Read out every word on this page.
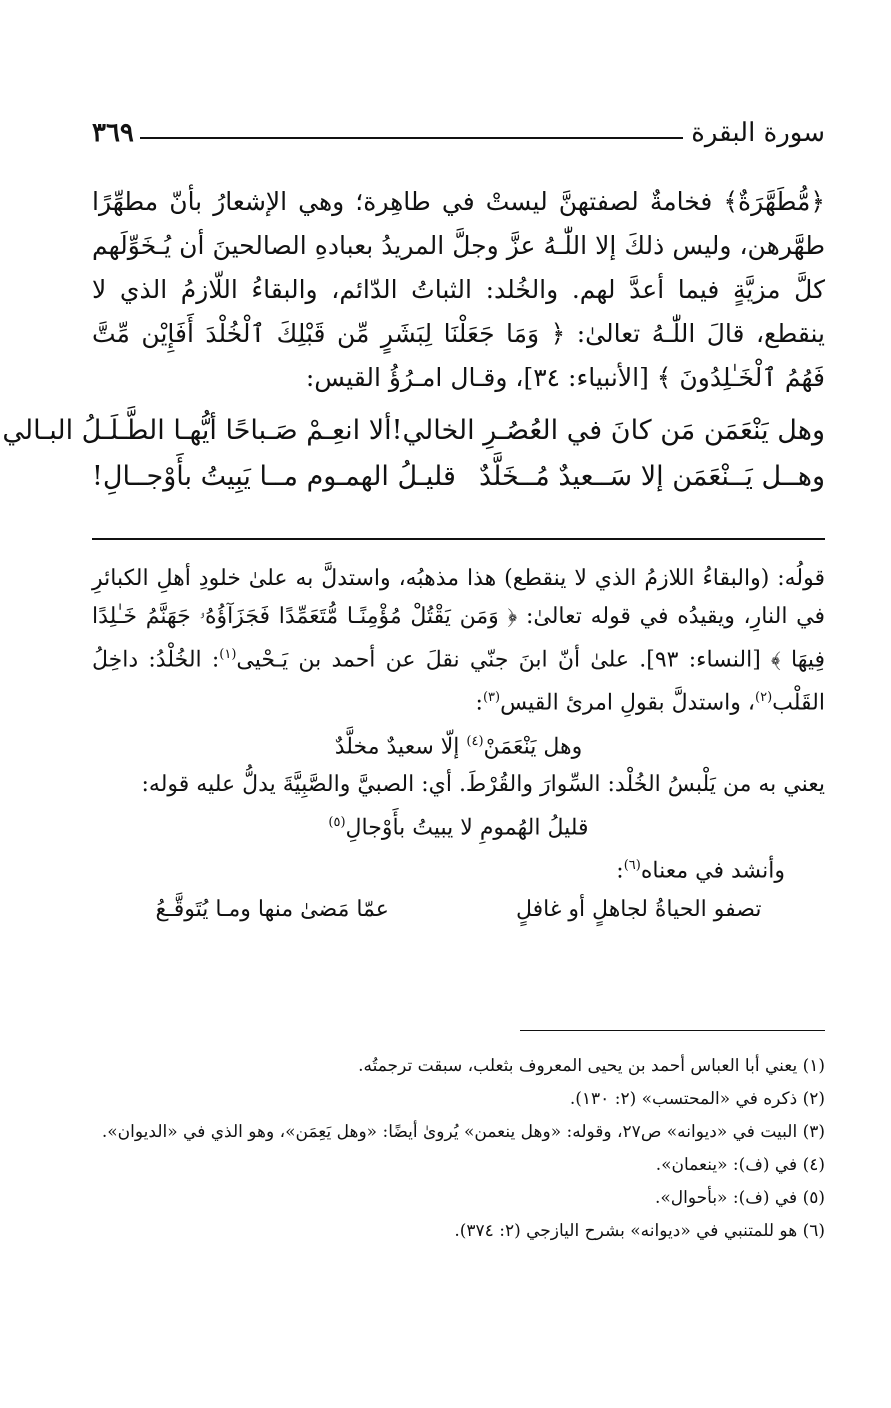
سورة البقرة
٣٦٩

﴿مُّطَهَّرَةٌ﴾ فخامةٌ لصفتهنَّ ليستْ في طاهِرة؛ وهي الإشعارُ بأنّ مطهِّرًا طهَّرهن، وليس ذلكَ إلا اللّٰـهُ عزَّ وجلَّ المريدُ بعبادهِ الصالحينَ أن يُـخَوِّلَهم كلَّ مزيَّةٍ فيما أعدَّ لهم. والخُلد: الثباتُ الدّائم، والبقاءُ اللّازمُ الذي لا ينقطع، قالَ اللّٰـهُ تعالىٰ: ﴿ وَمَا جَعَلْنَا لِبَشَرٍ مِّن قَبْلِكَ ٱلْخُلْدَ أَفَإِيْن مِّتَّ فَهُمُ ٱلْخَـٰلِدُونَ ﴾ [الأنبياء: ٣٤]، وقـال امـرُؤُ القيس:

وهل يَنْعَمَن مَن كانَ في العُصُـرِ الخالي!
ألا انعِـمْ صَـباحًا أيُّهـا الطَّـلَـلُ البـالي
وهــل يَــنْعَمَن إلا سَــعيدٌ مُــخَلَّدٌ
قليـلُ الهمـوم مــا يَبِيتُ بأَوْجــالِ!

قولُه: (والبقاءُ اللازمُ الذي لا ينقطع) هذا مذهبُه، واستدلَّ به علىٰ خلودِ أهلِ الكبائرِ في النارِ، ويقيدُه في قوله تعالىٰ: ﴿ وَمَن يَقْتُلْ مُؤْمِنًـا مُّتَعَمِّدًا فَجَزَآؤُهُۥ جَهَنَّمُ خَـٰلِدًا فِيهَا ﴾ [النساء: ٩٣]. علىٰ أنّ ابنَ جنّي نقلَ عن أحمد بن يَـحْيى$^{(١)}$: الخُلْدُ: داخِلُ القَلْب$^{(٢)}$، واستدلَّ بقولِ امرئ القيس$^{(٣)}$:

وهل يَنْعَمَنْ$^{(٤)}$ إلّا سعيدٌ مخلَّدٌ

يعني به من يَلْبسُ الخُلْد: السِّوارَ والقُرْطَ. أي: الصبيَّ والصَّبِيَّةَ يدلُّ عليه قوله:

قليلُ الهُمومِ لا يبيتُ بأَوْجالِ$^{(٥)}$

وأنشد في معناه$^{(٦)}$:

تصفو الحياةُ لجاهلٍ أو غافلٍ
عمّا مَضىٰ منها ومـا يُتَوقَّـعُ
(١) يعني أبا العباس أحمد بن يحيى المعروف بثعلب، سبقت ترجمتُه.
(٢) ذكره في «المحتسب» (٢: ١٣٠).
(٣) البيت في «ديوانه» ص٢٧، وقوله: «وهل ينعمن» يُروىٰ أيضًا: «وهل يَعِمَن»، وهو الذي في «الديوان».
(٤) في (ف): «ينعمان».
(٥) في (ف): «بأحوال».
(٦) هو للمتنبي في «ديوانه» بشرح اليازجي (٢: ٣٧٤).
